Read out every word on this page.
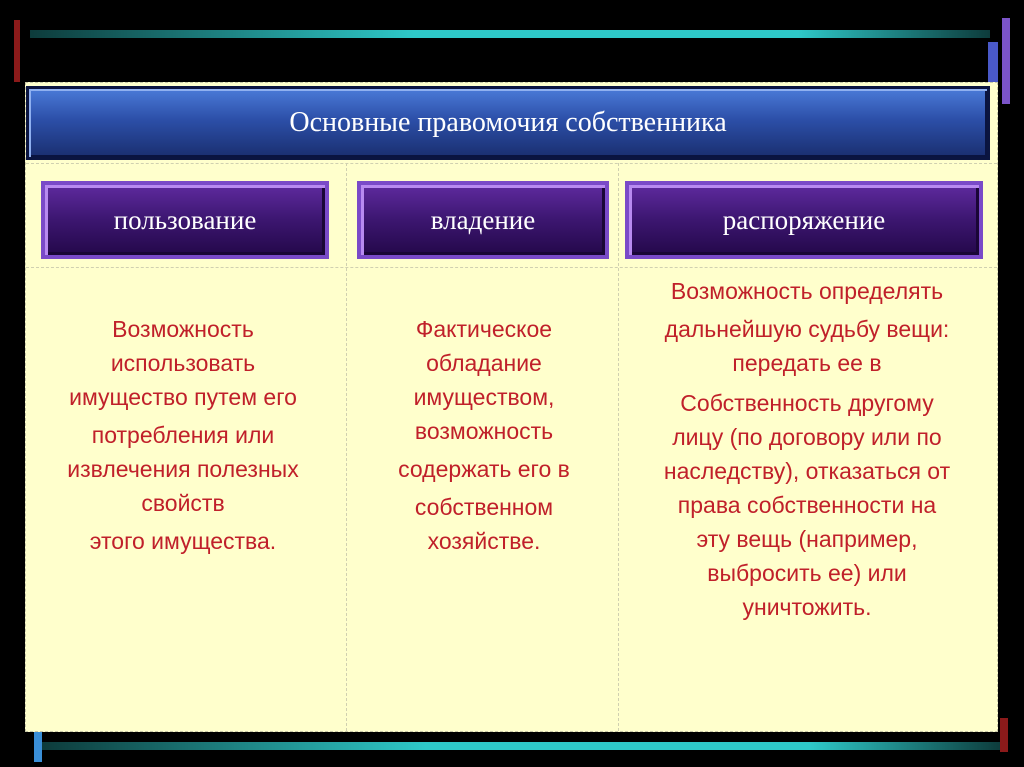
Основные правомочия собственника
пользование	владение	распоряжение

Возможность

использовать

имущество путем его

потребления или

извлечения полезных

свойств

этого имущества.

Фактическое

обладание

имуществом,

возможность

содержать его в

собственном

хозяйстве.

Возможность определять

дальнейшую судьбу вещи:

передать ее в

Собственность другому

лицу (по договору или по

наследству), отказаться от

права собственности на

эту вещь (например,

выбросить ее) или

уничтожить.
